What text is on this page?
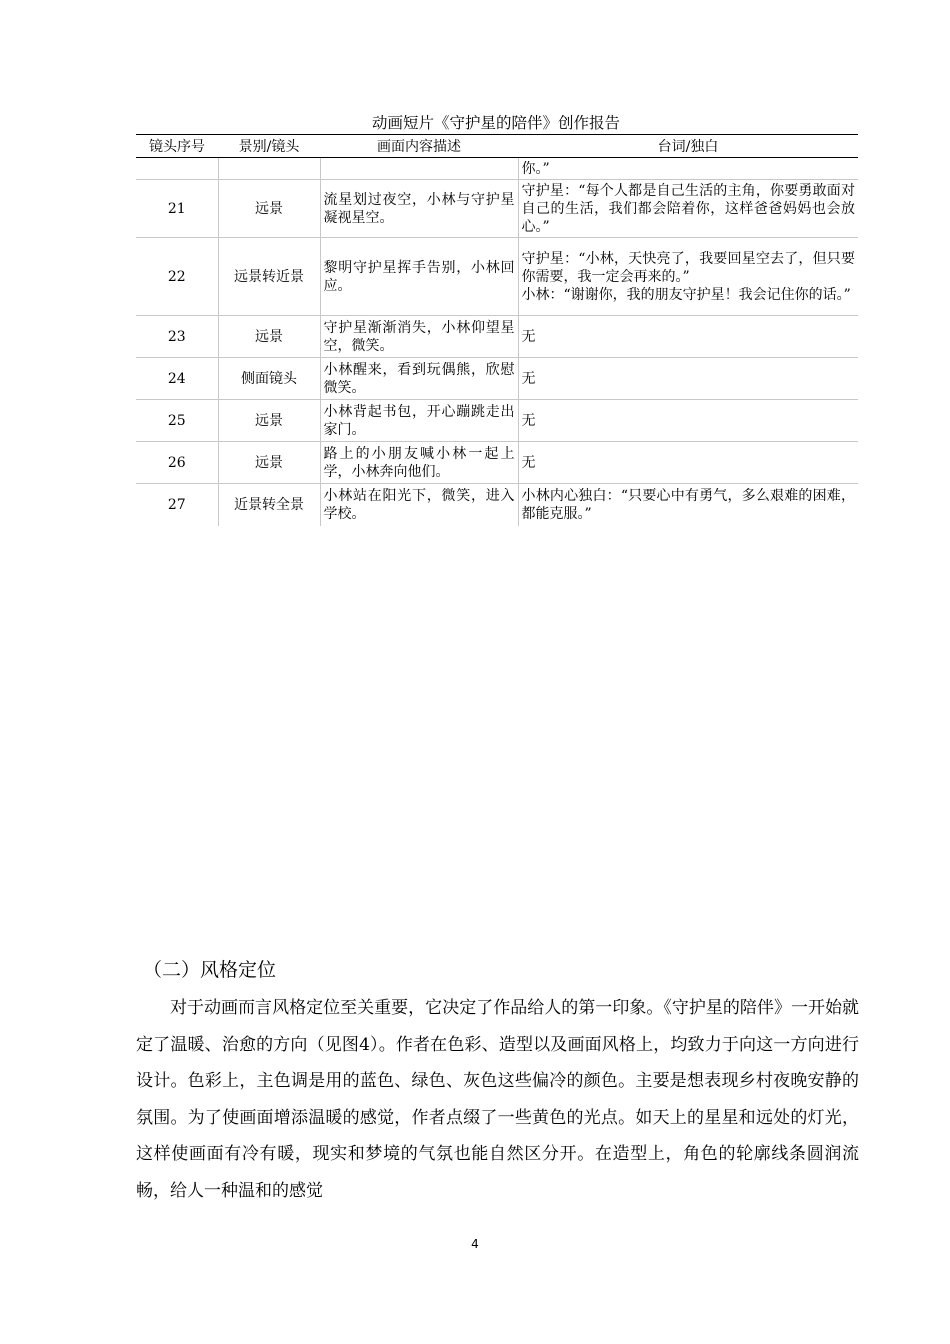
动画短片《守护星的陪伴》创作报告
镜头序号	景别/镜头	画面内容描述	台词/独白
			你。”
21	远景	流星划过夜空，小林与守护星凝视星空。	守护星：“每个人都是自己生活的主角，你要勇敢面对自己的生活，我们都会陪着你，这样爸爸妈妈也会放心。”
22	远景转近景	黎明守护星挥手告别，小林回应。	守护星：“小林，天快亮了，我要回星空去了，但只要你需要，我一定会再来的。”
小林：“谢谢你，我的朋友守护星！我会记住你的话。”
23	远景	守护星渐渐消失，小林仰望星空，微笑。	无
24	侧面镜头	小林醒来，看到玩偶熊，欣慰微笑。	无
25	远景	小林背起书包，开心蹦跳走出家门。	无
26	远景	路上的小朋友喊小林一起上学，小林奔向他们。	无
27	近景转全景	小林站在阳光下，微笑，进入学校。	小林内心独白：“只要心中有勇气，多么艰难的困难，都能克服。”
（二）风格定位

对于动画而言风格定位至关重要，它决定了作品给人的第一印象。《守护星的陪伴》一开始就定了温暖、治愈的方向（见图4）。作者在色彩、造型以及画面风格上，均致力于向这一方向进行设计。色彩上，主色调是用的蓝色、绿色、灰色这些偏冷的颜色。主要是想表现乡村夜晚安静的氛围。为了使画面增添温暖的感觉，作者点缀了一些黄色的光点。如天上的星星和远处的灯光，这样使画面有冷有暖，现实和梦境的气氛也能自然区分开。在造型上，角色的轮廓线条圆润流畅，给人一种温和的感觉

4
